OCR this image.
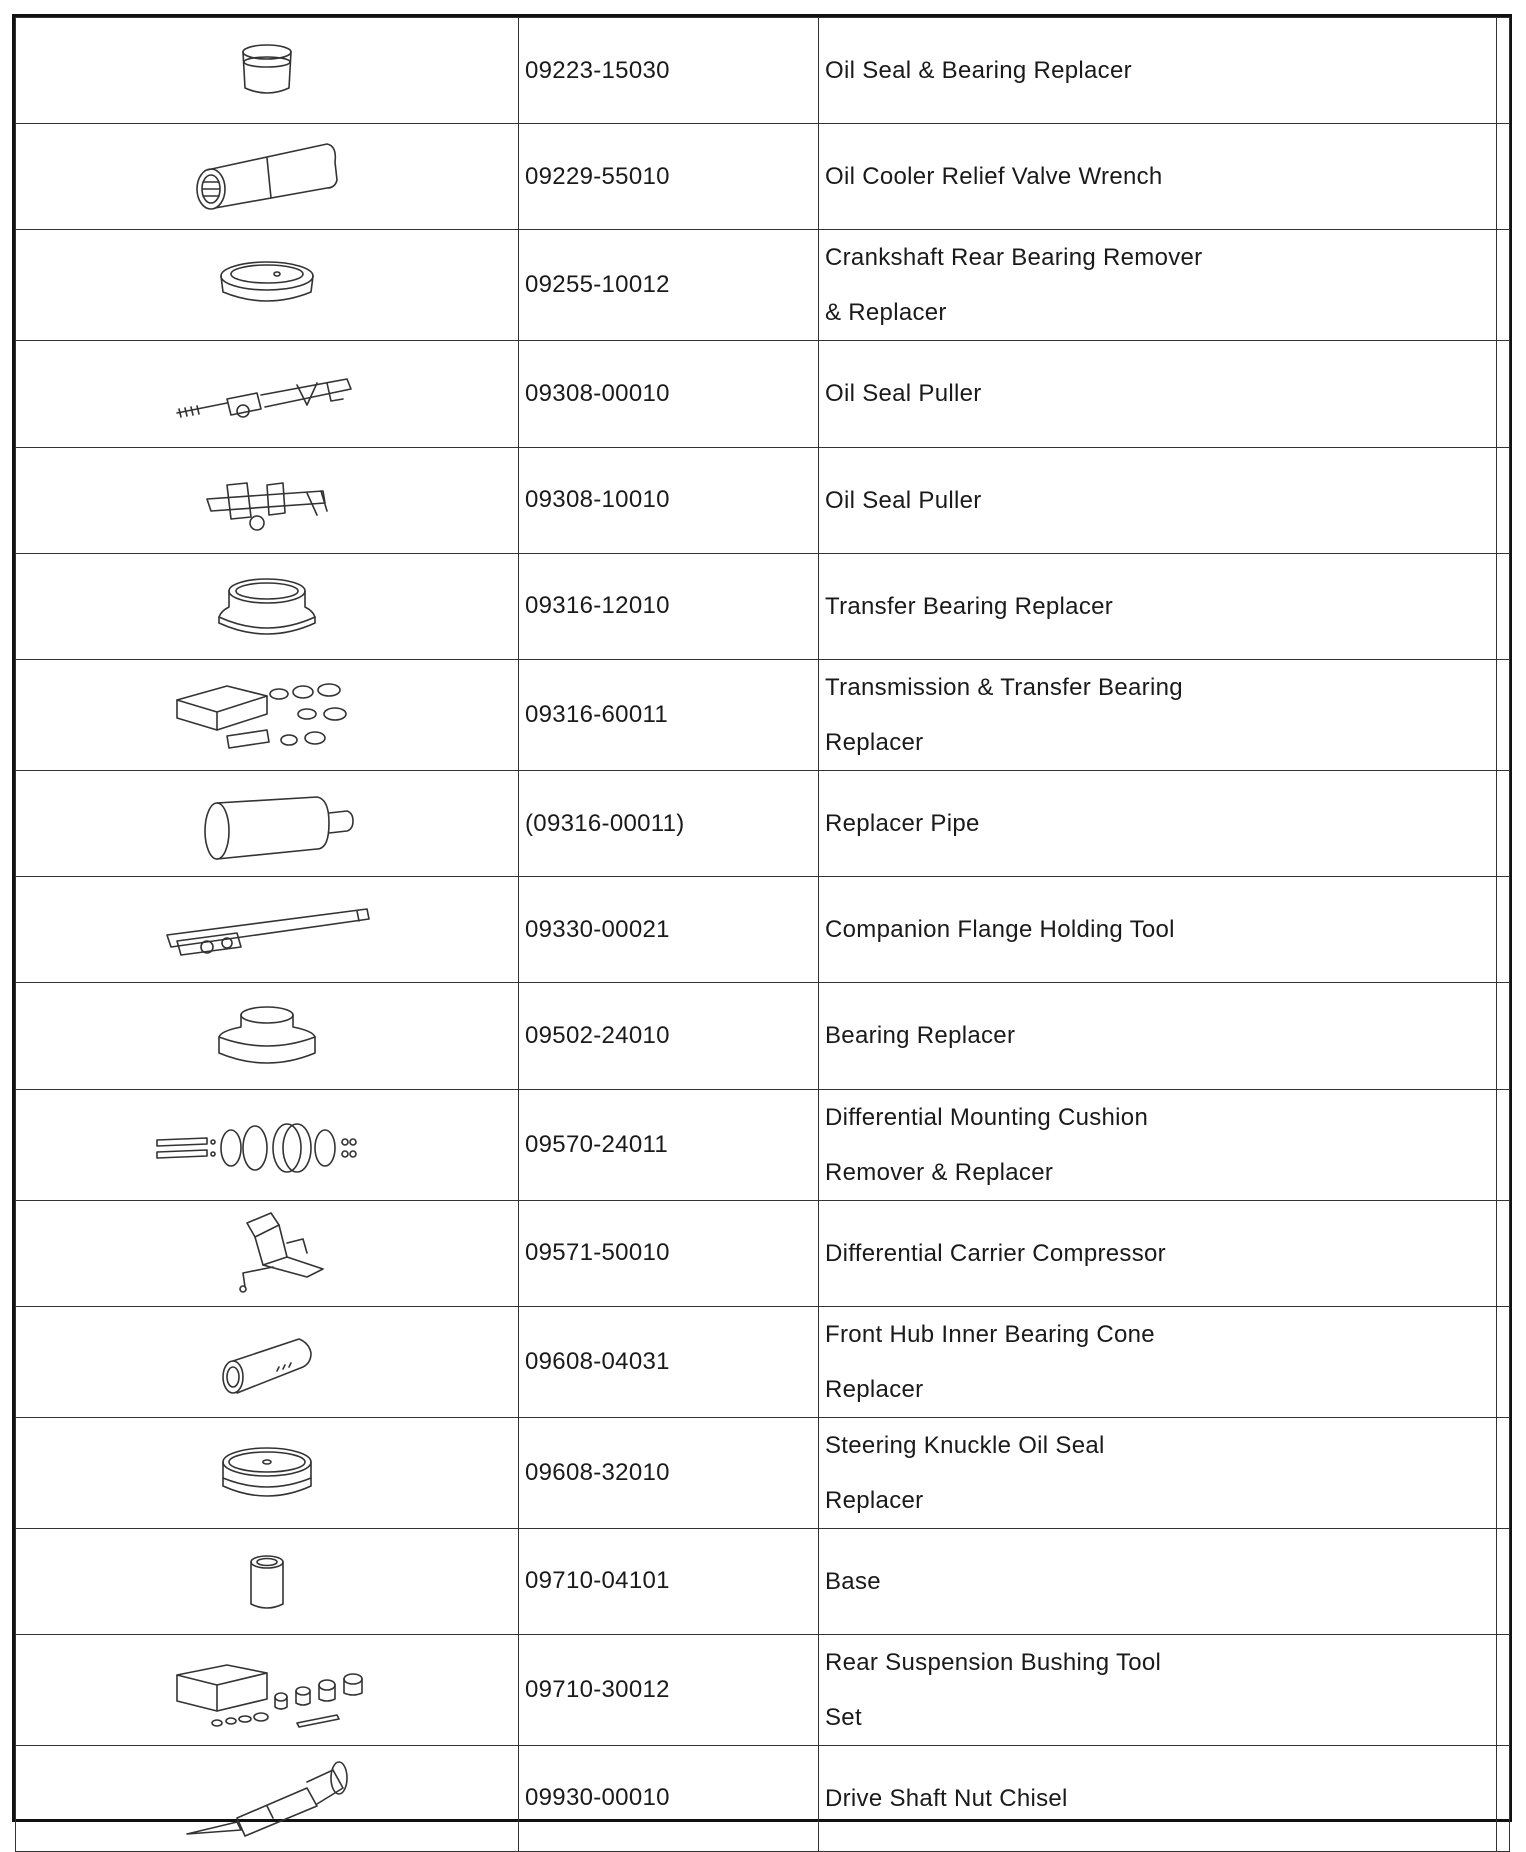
	09223-15030	Oil Seal & Bearing Replacer	

	09229-55010	Oil Cooler Relief Valve Wrench	

	09255-10012	Crankshaft Rear Bearing Remover
& Replacer	

	09308-00010	Oil Seal Puller	

	09308-10010	Oil Seal Puller	

	09316-12010	Transfer Bearing Replacer	

	09316-60011	Transmission & Transfer Bearing
Replacer	

	(09316-00011)	Replacer Pipe	

	09330-00021	Companion Flange Holding Tool	

	09502-24010	Bearing Replacer	

	09570-24011	Differential Mounting Cushion
Remover & Replacer	

	09571-50010	Differential Carrier Compressor	

	09608-04031	Front Hub Inner Bearing Cone
Replacer	

	09608-32010	Steering Knuckle Oil Seal
Replacer	

	09710-04101	Base	

	09710-30012	Rear Suspension Bushing Tool
Set	

	09930-00010	Drive Shaft Nut Chisel	
